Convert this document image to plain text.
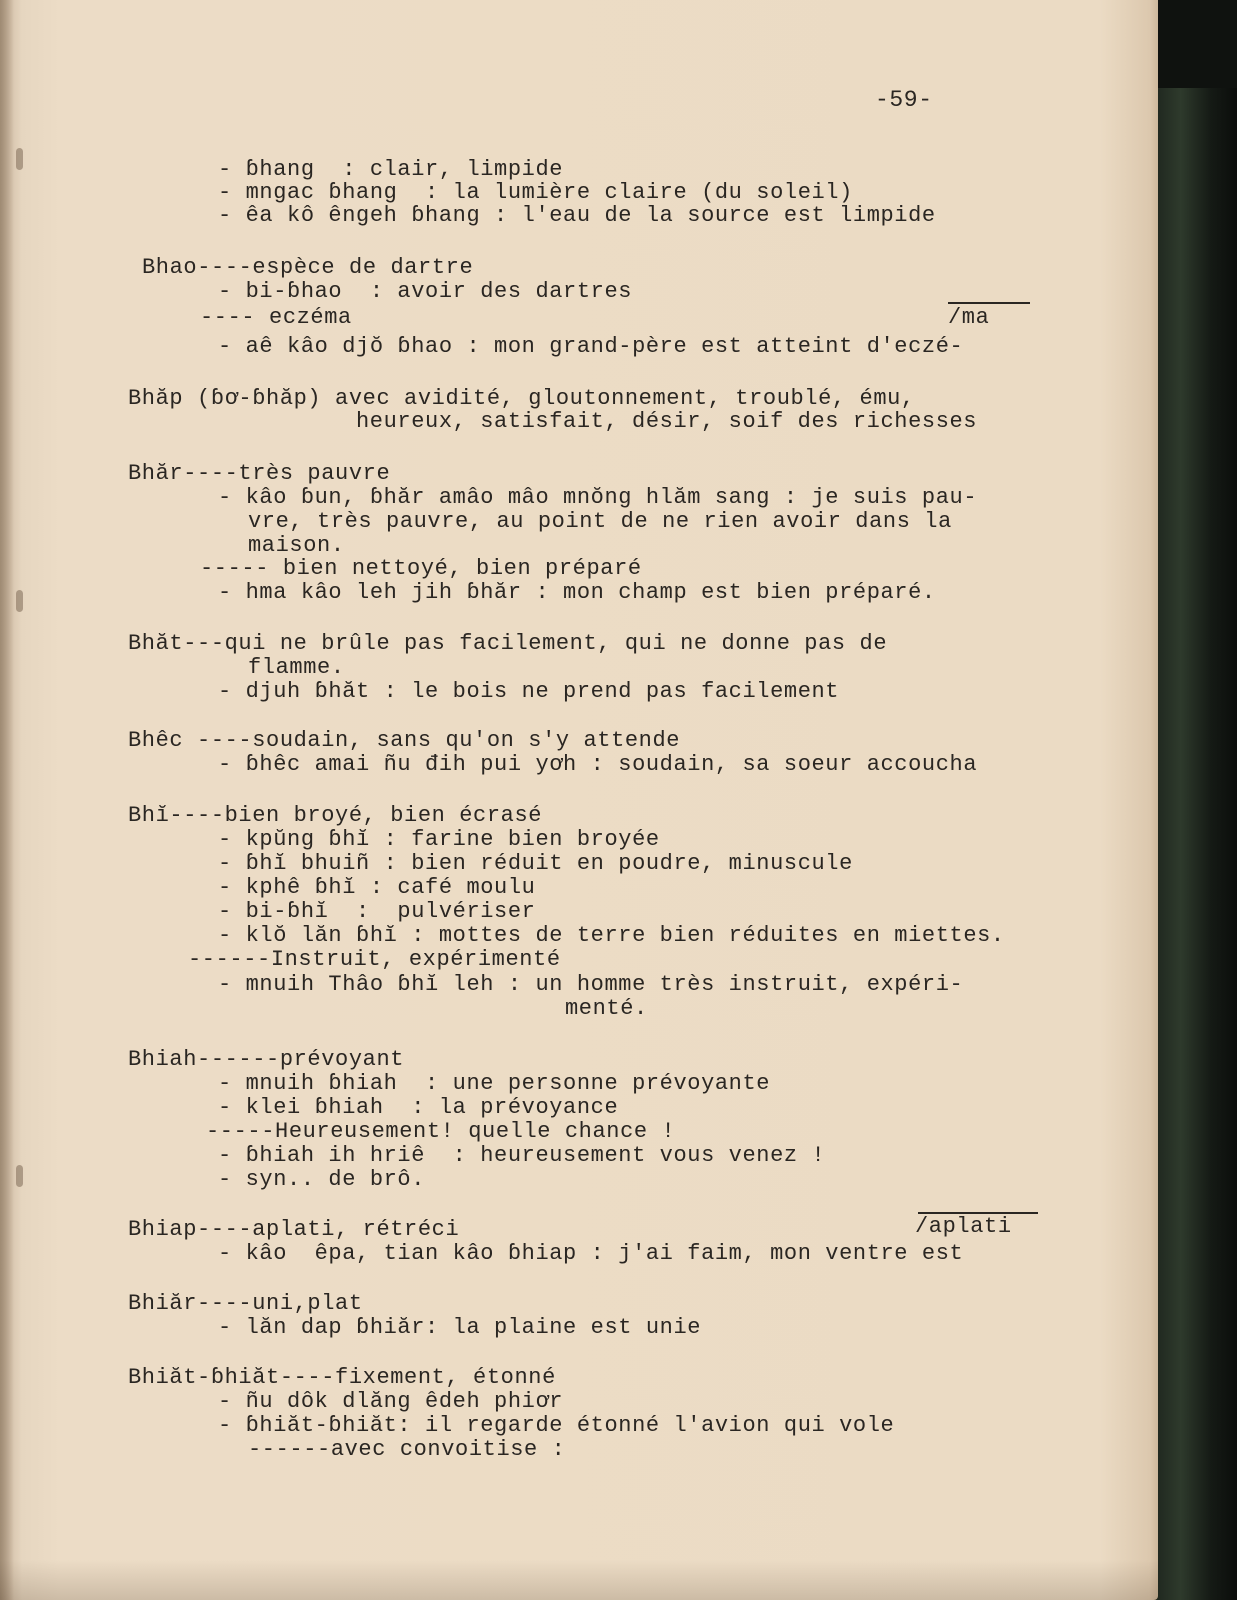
-59-
- ɓhang  : clair, limpide
- mngac ɓhang  : la lumière claire (du soleil)
- êa kô êngeh ɓhang : l'eau de la source est limpide
Bhao----espèce de dartre
- bi-ɓhao  : avoir des dartres
---- eczéma	/ma
- aê kâo djŏ ɓhao : mon grand-père est atteint d'eczé-
Bhăp (ɓơ-ɓhăp) avec avidité, gloutonnement, troublé, ému,
heureux, satisfait, désir, soif des richesses
Bhăr----très pauvre
- kâo ɓun, ɓhăr amâo mâo mnŏng hlăm sang : je suis pau-
vre, très pauvre, au point de ne rien avoir dans la
maison.
----- bien nettoyé, bien préparé
- hma kâo leh jih ɓhăr : mon champ est bien préparé.
Bhăt---qui ne brûle pas facilement, qui ne donne pas de
flamme.
- djuh ɓhăt : le bois ne prend pas facilement
Bhêc ----soudain, sans qu'on s'y attende
- ɓhêc amai ñu đih pui yơh : soudain, sa soeur accoucha
Bhĭ----bien broyé, bien écrasé
- kpŭng ɓhĭ : farine bien broyée
- ɓhĭ bhuiñ : bien réduit en poudre, minuscule
- kphê ɓhĭ : café moulu
- bi-ɓhĭ  :  pulvériser
- klŏ lăn ɓhĭ : mottes de terre bien réduites en miettes.
------Instruit, expérimenté
- mnuih Thâo ɓhĭ leh : un homme très instruit, expéri-
menté.
Bhiah------prévoyant
- mnuih ɓhiah  : une personne prévoyante
- klei ɓhiah  : la prévoyance
-----Heureusement! quelle chance !
- ɓhiah ih hriê  : heureusement vous venez !
- syn.. de brô.
Bhiap----aplati, rétréci	/aplati
- kâo  êpa, tian kâo ɓhiap : j'ai faim, mon ventre est
Bhiăr----uni,plat
- lăn dap ɓhiăr: la plaine est unie
Bhiăt-ɓhiăt----fixement, étonné
- ñu dôk dlăng êdeh phiơr
- ɓhiăt-ɓhiăt: il regarde étonné l'avion qui vole
------avec convoitise :
